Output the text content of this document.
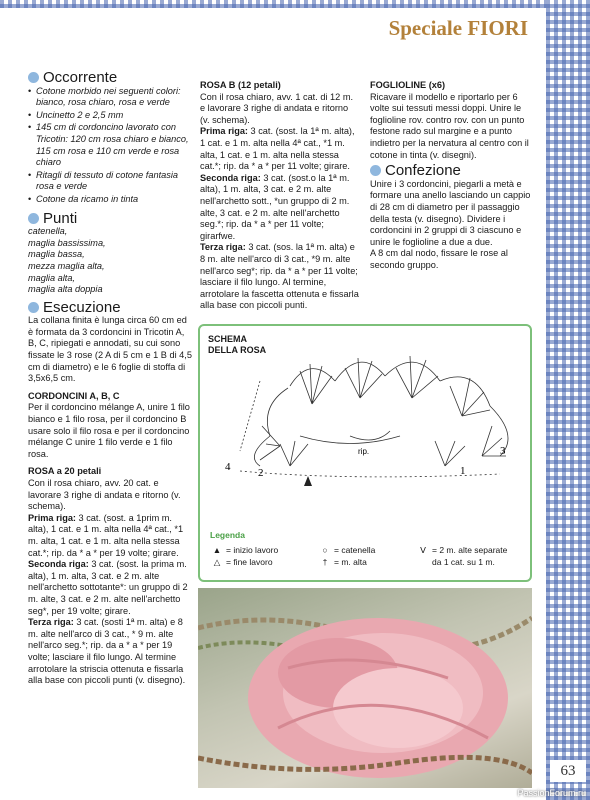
63
PassionForum.ru
Speciale FIORI
Occorrente
• Cotone morbido nei seguenti colori: bianco, rosa chiaro, rosa e verde
• Uncinetto 2 e 2,5 mm
• 145 cm di cordoncino lavorato con Tricotin: 120 cm rosa chiaro e bianco, 115 cm rosa e 110 cm verde e rosa chiaro
• Ritagli di tessuto di cotone fantasia rosa e verde
• Cotone da ricamo in tinta
Punti
catenella,
maglia bassissima,
maglia bassa,
mezza maglia alta,
maglia alta,
maglia alta doppia
Esecuzione
La collana finita è lunga circa 60 cm ed è formata da 3 cordoncini in Tricotin A, B, C, ripiegati e annodati, su cui sono fissate le 3 rose (2 A di 5 cm e 1 B di 4,5 cm di diametro) e le 6 foglie di stoffa di 3,5x6,5 cm.
CORDONCINI A, B, C
Per il cordoncino mélange A, unire 1 filo bianco e 1 filo rosa, per il cordoncino B usare solo il filo rosa e per il cordoncino mélange C unire 1 filo verde e 1 filo rosa.
ROSA a 20 petali
Con il rosa chiaro, avv. 20 cat. e lavorare 3 righe di andata e ritorno (v. schema).
Prima riga: 3 cat. (sost. a 1prim m. alta), 1 cat. e 1 m. alta nella 4ª cat., *1 m. alta, 1 cat. e 1 m. alta nella stessa cat.*; rip. da * a * per 19 volte; girare.
Seconda riga: 3 cat. (sost. la prima m. alta), 1 m. alta, 3 cat. e 2 m. alte nell'archetto sottotante*: un gruppo di 2 m. alte, 3 cat. e 2 m. alte nell'archetto seg*, per 19 volte; girare.
Terza riga: 3 cat. (sosti 1ª m. alta) e 8 m. alte nell'arco di 3 cat., * 9 m. alte nell'arco seg.*; rip. da a * a * per 19 volte; lasciare il filo lungo. Al termine arrotolare la striscia ottenuta e fissarla alla base con piccoli punti (v. disegno).
ROSA B (12 petali)
Con il rosa chiaro, avv. 1 cat. di 12 m. e lavorare 3 righe di andata e ritorno (v. schema).
Prima riga: 3 cat. (sost. la 1ª m. alta), 1 cat. e 1 m. alta nella 4ª cat., *1 m. alta, 1 cat. e 1 m. alta nella stessa cat.*; rip. da * a * per 11 volte; girare.
Seconda riga: 3 cat. (sost.o la 1ª m. alta), 1 m. alta, 3 cat. e 2 m. alte nell'archetto sott., *un gruppo di 2 m. alte, 3 cat. e 2 m. alte nell'archetto seg.*; rip. da * a * per 11 volte; girarfwe.
Terza riga: 3 cat. (sos. la 1ª m. alta) e 8 m. alte nell'arco di 3 cat., *9 m. alte nell'arco seg*; rip. da * a * per 11 volte; lasciare il filo lungo. Al termine, arrotolare la fascetta ottenuta e fissarla alla base con piccoli punti.
FOGLIOLINE (x6)
Ricavare il modello e riportarlo per 6 volte sui tessuti messi doppi. Unire le foglioline rov. contro rov. con un punto festone rado sul margine e a punto indietro per la nervatura al centro con il cotone in tinta (v. disegni).
Confezione
Unire i 3 cordoncini, piegarli a metà e formare una anello lasciando un cappio di 28 cm di diametro per il passaggio della testa (v. disegno). Dividere i cordoncini in 2 gruppi di 3 ciascuno e unire le foglioline a due a due.
A 8 cm dal nodo, fissare le rose al secondo gruppo.
SCHEMA
DELLA ROSA
4	2	1
3
rip.
Legenda
▲ = inizio lavoro
△ = fine lavoro
○ = catenella
† = m. alta
ᐯ = 2 m. alte separate
da 1 cat. su 1 m.
